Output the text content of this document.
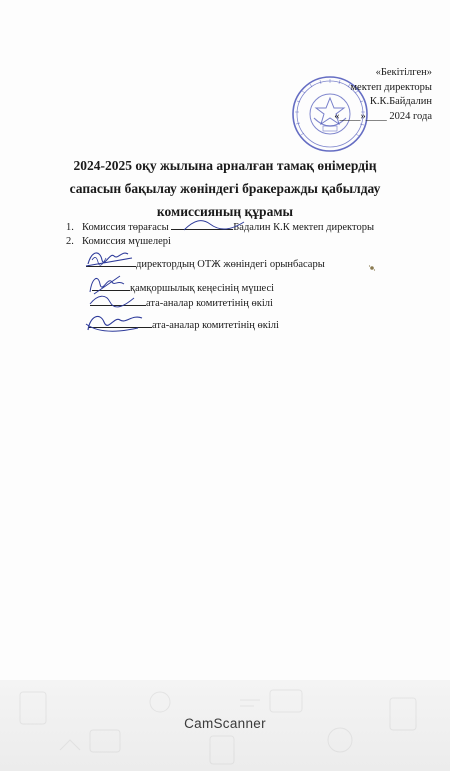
«Бекітілген»
мектеп директоры
К.К.Байдалин
«____»____ 2024 года
2024-2025 оқу жылына арналған тамақ өнімердің
сапасын бақылау жөніндегі бракеражды қабылдау
комиссияның құрамы
1. Комиссия төрағасы	Бадалин К.К мектеп директоры
2. Комиссия мүшелері
директордың ОТЖ жөніндегі орынбасары
қамқоршылық кеңесінің мүшесі
ата-аналар комитетінің өкілі
ата-аналар комитетінің өкілі
CamScanner
